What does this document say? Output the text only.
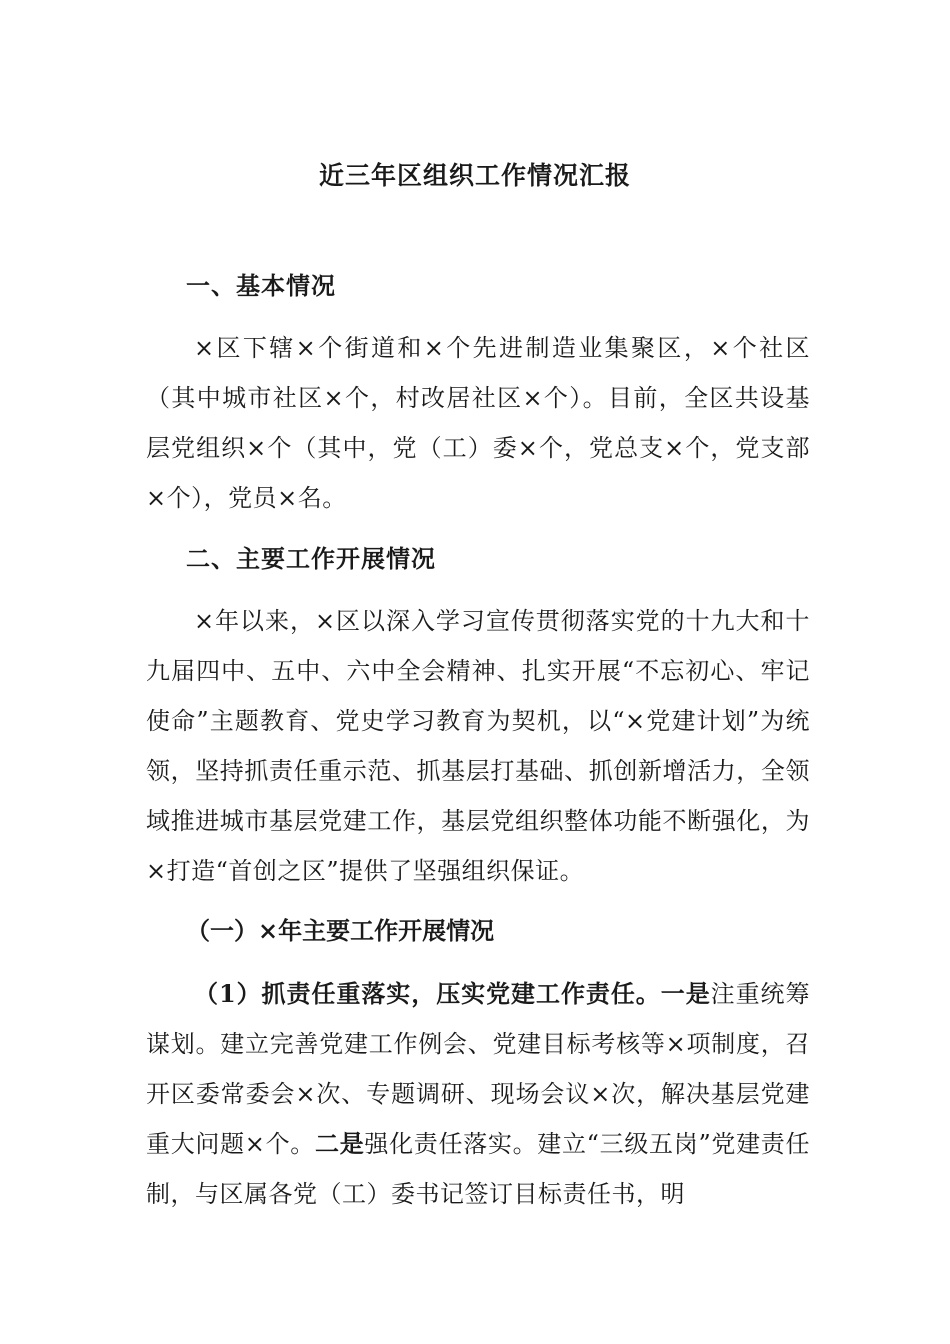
近三年区组织工作情况汇报
一、基本情况

×区下辖×个街道和×个先进制造业集聚区，×个社区（其中城市社区×个，村改居社区×个）。目前，全区共设基层党组织×个（其中，党（工）委×个，党总支×个，党支部×个），党员×名。

二、主要工作开展情况

×年以来，×区以深入学习宣传贯彻落实党的十九大和十九届四中、五中、六中全会精神、扎实开展“不忘初心、牢记使命”主题教育、党史学习教育为契机，以“×党建计划”为统领，坚持抓责任重示范、抓基层打基础、抓创新增活力，全领域推进城市基层党建工作，基层党组织整体功能不断强化，为×打造“首创之区”提供了坚强组织保证。

（一）×年主要工作开展情况

（1）抓责任重落实，压实党建工作责任。一是注重统筹谋划。建立完善党建工作例会、党建目标考核等×项制度，召开区委常委会×次、专题调研、现场会议×次，解决基层党建重大问题×个。二是强化责任落实。建立“三级五岗”党建责任制，与区属各党（工）委书记签订目标责任书，明
